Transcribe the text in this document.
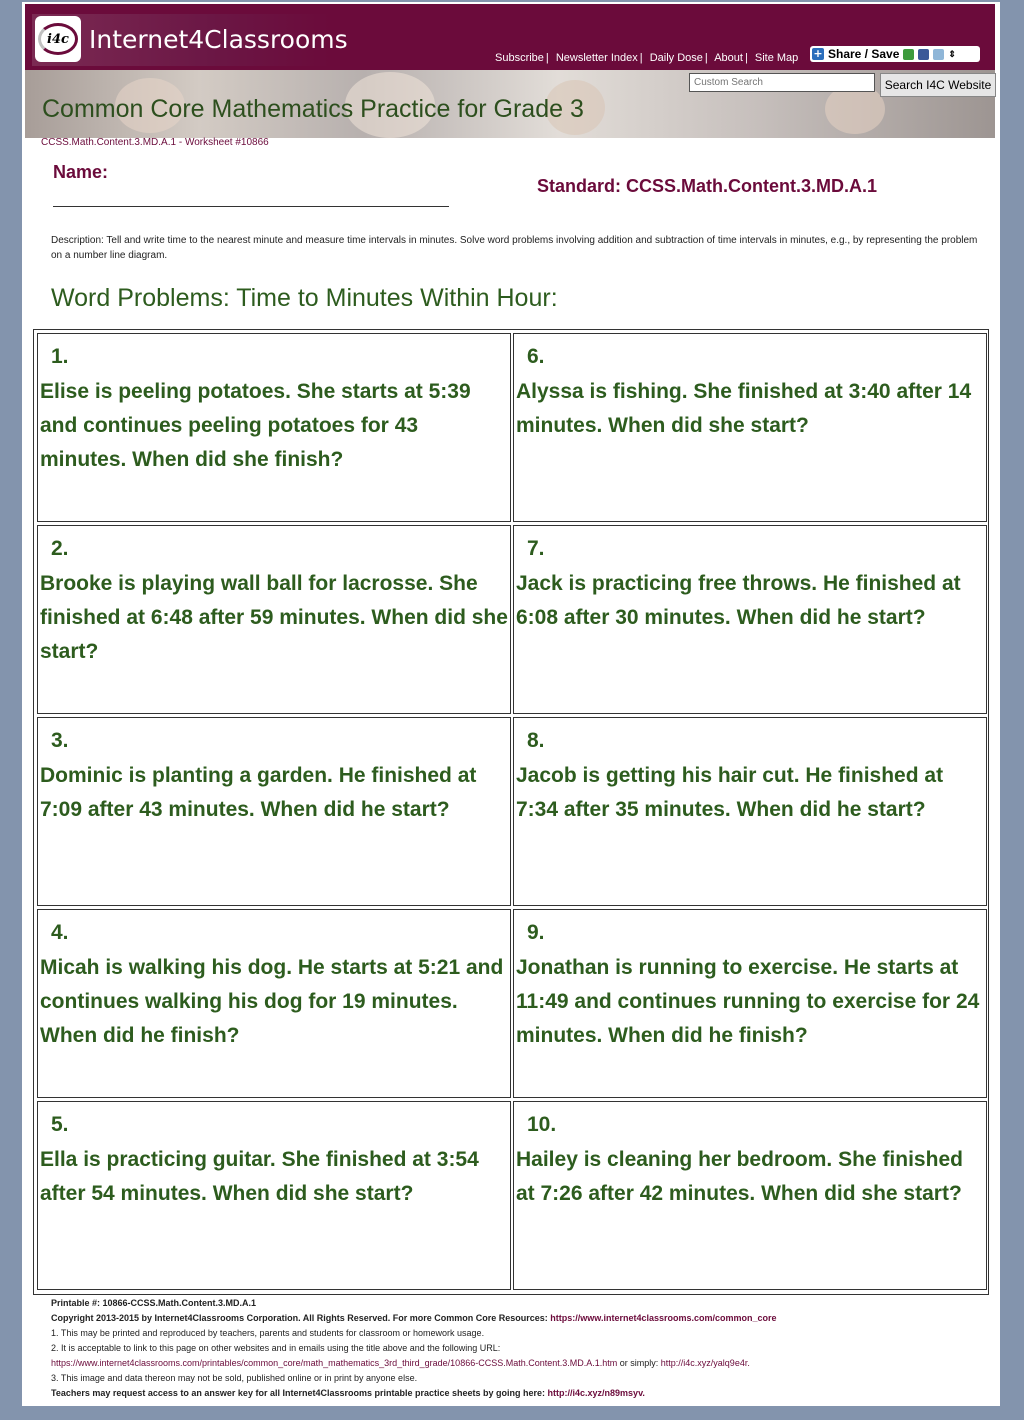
i4c Internet4Classrooms
Subscribe | Newsletter Index | Daily Dose | About | Site Map + Share / Save	⇕
Custom Search
Search I4C Website
Common Core Mathematics Practice for Grade 3
CCSS.Math.Content.3.MD.A.1 - Worksheet #10866
Name:
Standard: CCSS.Math.Content.3.MD.A.1
Description: Tell and write time to the nearest minute and measure time intervals in minutes. Solve word problems involving addition and subtraction of time intervals in minutes, e.g., by representing the problem on a number line diagram.
Word Problems: Time to Minutes Within Hour:
1.
Elise is peeling potatoes. She starts at 5:39 and continues peeling potatoes for 43 minutes. When did she finish?
6.
Alyssa is fishing. She finished at 3:40 after 14 minutes. When did she start?
2.
Brooke is playing wall ball for lacrosse. She finished at 6:48 after 59 minutes. When did she start?
7.
Jack is practicing free throws. He finished at 6:08 after 30 minutes. When did he start?
3.
Dominic is planting a garden. He finished at 7:09 after 43 minutes. When did he start?
8.
Jacob is getting his hair cut. He finished at 7:34 after 35 minutes. When did he start?
4.
Micah is walking his dog. He starts at 5:21 and continues walking his dog for 19 minutes. When did he finish?
9.
Jonathan is running to exercise. He starts at 11:49 and continues running to exercise for 24 minutes. When did he finish?
5.
Ella is practicing guitar. She finished at 3:54 after 54 minutes. When did she start?
10.
Hailey is cleaning her bedroom. She finished at 7:26 after 42 minutes. When did she start?
Printable #: 10866-CCSS.Math.Content.3.MD.A.1
Copyright 2013-2015 by Internet4Classrooms Corporation. All Rights Reserved. For more Common Core Resources: https://www.internet4classrooms.com/common_core
1. This may be printed and reproduced by teachers, parents and students for classroom or homework usage.
2. It is acceptable to link to this page on other websites and in emails using the title above and the following URL:
https://www.internet4classrooms.com/printables/common_core/math_mathematics_3rd_third_grade/10866-CCSS.Math.Content.3.MD.A.1.htm or simply: http://i4c.xyz/yalq9e4r.
3. This image and data thereon may not be sold, published online or in print by anyone else.
Teachers may request access to an answer key for all Internet4Classrooms printable practice sheets by going here: http://i4c.xyz/n89msyv.
